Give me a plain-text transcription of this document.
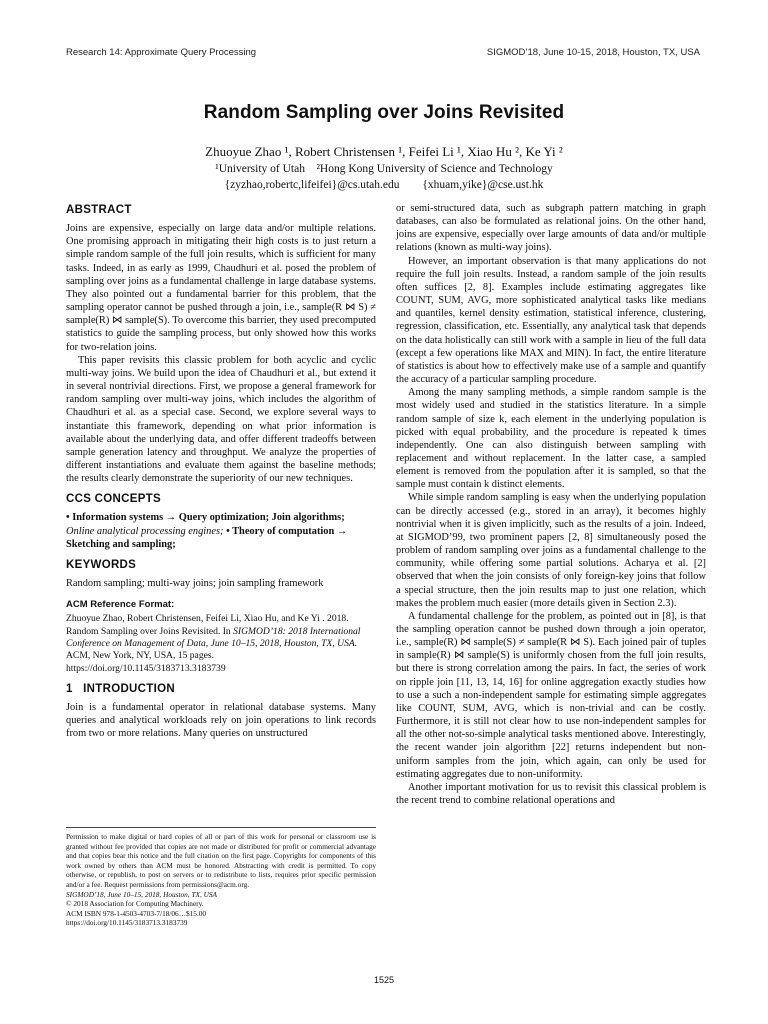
Research 14: Approximate Query Processing	SIGMOD’18, June 10-15, 2018, Houston, TX, USA
Random Sampling over Joins Revisited
Zhuoyue Zhao ¹, Robert Christensen ¹, Feifei Li ¹, Xiao Hu ², Ke Yi ²
¹University of Utah    ²Hong Kong University of Science and Technology
{zyzhao,robertc,lifeifei}@cs.utah.edu {xhuam,yike}@cse.ust.hk
ABSTRACT

Joins are expensive, especially on large data and/or multiple relations. One promising approach in mitigating their high costs is to just return a simple random sample of the full join results, which is sufficient for many tasks. Indeed, in as early as 1999, Chaudhuri et al. posed the problem of sampling over joins as a fundamental challenge in large database systems. They also pointed out a fundamental barrier for this problem, that the sampling operator cannot be pushed through a join, i.e., sample(R ⋈ S) ≠ sample(R) ⋈ sample(S). To overcome this barrier, they used precomputed statistics to guide the sampling process, but only showed how this works for two-relation joins.

This paper revisits this classic problem for both acyclic and cyclic multi-way joins. We build upon the idea of Chaudhuri et al., but extend it in several nontrivial directions. First, we propose a general framework for random sampling over multi-way joins, which includes the algorithm of Chaudhuri et al. as a special case. Second, we explore several ways to instantiate this framework, depending on what prior information is available about the underlying data, and offer different tradeoffs between sample generation latency and throughput. We analyze the properties of different instantiations and evaluate them against the baseline methods; the results clearly demonstrate the superiority of our new techniques.

CCS CONCEPTS

• Information systems → Query optimization; Join algorithms;
Online analytical processing engines; • Theory of computation →
Sketching and sampling;

KEYWORDS

Random sampling; multi-way joins; join sampling framework

ACM Reference Format:

Zhuoyue Zhao, Robert Christensen, Feifei Li, Xiao Hu, and Ke Yi . 2018. Random Sampling over Joins Revisited. In SIGMOD’18: 2018 International Conference on Management of Data, June 10–15, 2018, Houston, TX, USA. ACM, New York, NY, USA, 15 pages. https://doi.org/10.1145/3183713.3183739

1   INTRODUCTION

Join is a fundamental operator in relational database systems. Many queries and analytical workloads rely on join operations to link records from two or more relations. Many queries on unstructured

Permission to make digital or hard copies of all or part of this work for personal or classroom use is granted without fee provided that copies are not made or distributed for profit or commercial advantage and that copies bear this notice and the full citation on the first page. Copyrights for components of this work owned by others than ACM must be honored. Abstracting with credit is permitted. To copy otherwise, or republish, to post on servers or to redistribute to lists, requires prior specific permission and/or a fee. Request permissions from permissions@acm.org.

SIGMOD’18, June 10–15, 2018, Houston, TX, USA

© 2018 Association for Computing Machinery.

ACM ISBN 978-1-4503-4703-7/18/06…$15.00

https://doi.org/10.1145/3183713.3183739

or semi-structured data, such as subgraph pattern matching in graph databases, can also be formulated as relational joins. On the other hand, joins are expensive, especially over large amounts of data and/or multiple relations (known as multi-way joins).

However, an important observation is that many applications do not require the full join results. Instead, a random sample of the join results often suffices [2, 8]. Examples include estimating aggregates like COUNT, SUM, AVG, more sophisticated analytical tasks like medians and quantiles, kernel density estimation, statistical inference, clustering, regression, classification, etc. Essentially, any analytical task that depends on the data holistically can still work with a sample in lieu of the full data (except a few operations like MAX and MIN). In fact, the entire literature of statistics is about how to effectively make use of a sample and quantify the accuracy of a particular sampling procedure.

Among the many sampling methods, a simple random sample is the most widely used and studied in the statistics literature. In a simple random sample of size k, each element in the underlying population is picked with equal probability, and the procedure is repeated k times independently. One can also distinguish between sampling with replacement and without replacement. In the latter case, a sampled element is removed from the population after it is sampled, so that the sample must contain k distinct elements.

While simple random sampling is easy when the underlying population can be directly accessed (e.g., stored in an array), it becomes highly nontrivial when it is given implicitly, such as the results of a join. Indeed, at SIGMOD’99, two prominent papers [2, 8] simultaneously posed the problem of random sampling over joins as a fundamental challenge to the community, while offering some partial solutions. Acharya et al. [2] observed that when the join consists of only foreign-key joins that follow a special structure, then the join results map to just one relation, which makes the problem much easier (more details given in Section 2.3).

A fundamental challenge for the problem, as pointed out in [8], is that the sampling operation cannot be pushed down through a join operator, i.e., sample(R) ⋈ sample(S) ≠ sample(R ⋈ S). Each joined pair of tuples in sample(R) ⋈ sample(S) is uniformly chosen from the full join results, but there is strong correlation among the pairs. In fact, the series of work on ripple join [11, 13, 14, 16] for online aggregation exactly studies how to use a such a non-independent sample for estimating simple aggregates like COUNT, SUM, AVG, which is non-trivial and can be costly. Furthermore, it is still not clear how to use non-independent samples for all the other not-so-simple analytical tasks mentioned above. Interestingly, the recent wander join algorithm [22] returns independent but non-uniform samples from the join, which again, can only be used for estimating aggregates due to non-uniformity.

Another important motivation for us to revisit this classical problem is the recent trend to combine relational operations and

1525
